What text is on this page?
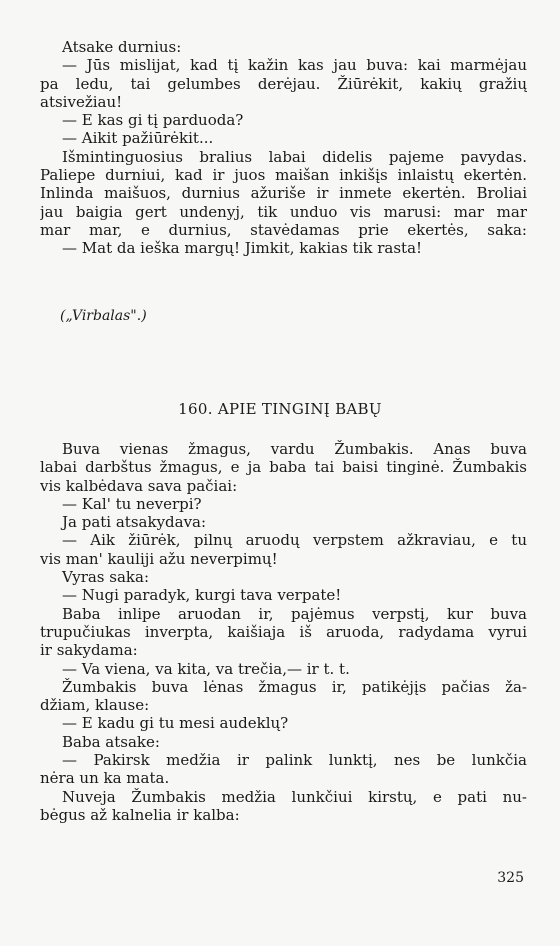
Atsake durnius:
— Jūs mislijat, kad tį kažin kas jau buva: kai marmėjau
pa ledu, tai gelumbes derėjau. Žiūrėkit, kakių gražių
atsivežiau!
— E kas gi tį parduoda?
— Aikit pažiūrėkit...
Išmintinguosius bralius labai didelis pajeme pavydas.
Paliepe durniui, kad ir juos maišan inkišįs inlaistų ekertėn.
Inlinda maišuos, durnius ažuriše ir inmete ekertėn. Broliai
jau baigia gert undenyj, tik unduo vis marusi: mar mar
mar mar, e durnius, stavėdamas prie ekertės, saka:
— Mat da ieška margų! Jimkit, kakias tik rasta!
(„Virbalas".)
160. APIE TINGINĮ BABŲ
Buva vienas žmagus, vardu Žumbakis. Anas buva
labai darbštus žmagus, e ja baba tai baisi tinginė. Žumbakis
vis kalbėdava sava pačiai:
— Kal' tu neverpi?
Ja pati atsakydava:
— Aik žiūrėk, pilnų aruodų verpstem ažkraviau, e tu
vis man' kauliji ažu neverpimų!
Vyras saka:
— Nugi paradyk, kurgi tava verpate!
Baba inlipe aruodan ir, pajėmus verpstį, kur buva
trupučiukas inverpta, kaišiaja iš aruoda, radydama vyrui
ir sakydama:
— Va viena, va kita, va trečia,— ir t. t.
Žumbakis buva lėnas žmagus ir, patikėjįs pačias ža-
džiam, klause:
— E kadu gi tu mesi audeklų?
Baba atsake:
— Pakirsk medžia ir palink lunktį, nes be lunkčia
nėra un ka mata.
Nuveja Žumbakis medžia lunkčiui kirstų, e pati nu-
bėgus až kalnelia ir kalba:
325
